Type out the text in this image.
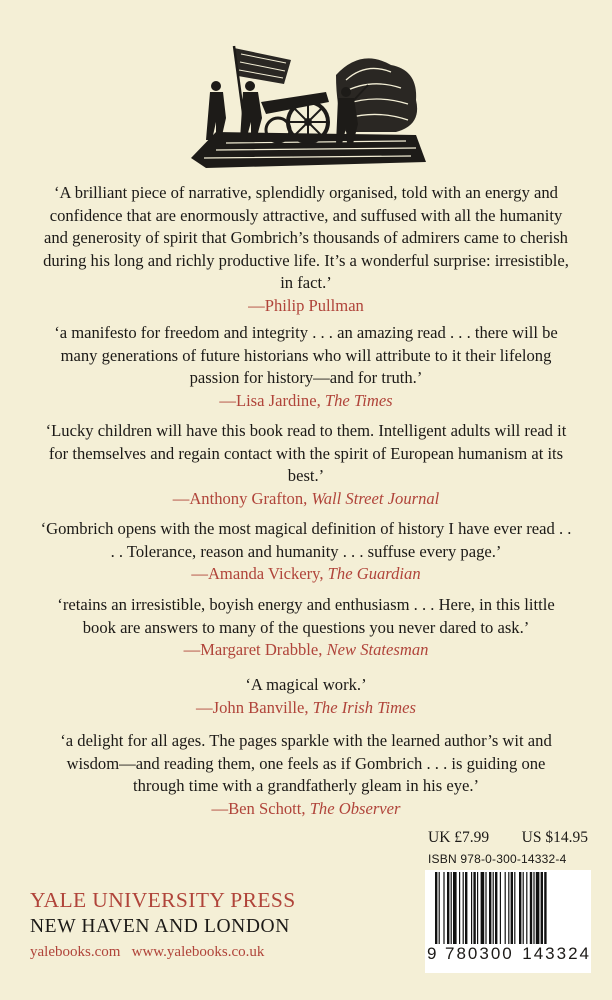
‘A brilliant piece of narrative, splendidly organised, told with an energy and confidence that are enormously attractive, and suffused with all the humanity and generosity of spirit that Gombrich’s thousands of admirers came to cherish during his long and richly productive life. It’s a wonderful surprise: irresistible, in fact.’
—Philip Pullman
‘a manifesto for freedom and integrity . . . an amazing read . . . there will be many generations of future historians who will attribute to it their lifelong passion for history—and for truth.’
—Lisa Jardine, The Times
‘Lucky children will have this book read to them. Intelligent adults will read it for themselves and regain contact with the spirit of European humanism at its best.’
—Anthony Grafton, Wall Street Journal
‘Gombrich opens with the most magical definition of history I have ever read . . . . Tolerance, reason and humanity . . . suffuse every page.’
—Amanda Vickery, The Guardian
‘retains an irresistible, boyish energy and enthusiasm . . . Here, in this little book are answers to many of the questions you never dared to ask.’
—Margaret Drabble, New Statesman
‘A magical work.’
—John Banville, The Irish Times
‘a delight for all ages. The pages sparkle with the learned author’s wit and wisdom—and reading them, one feels as if Gombrich . . . is guiding one through time with a grandfatherly gleam in his eye.’
—Ben Schott, The Observer
UK £7.99 US $14.95
ISBN 978-0-300-14332-4
9 780300 143324
YALE UNIVERSITY PRESS
NEW HAVEN AND LONDON
yalebooks.com   www.yalebooks.co.uk
